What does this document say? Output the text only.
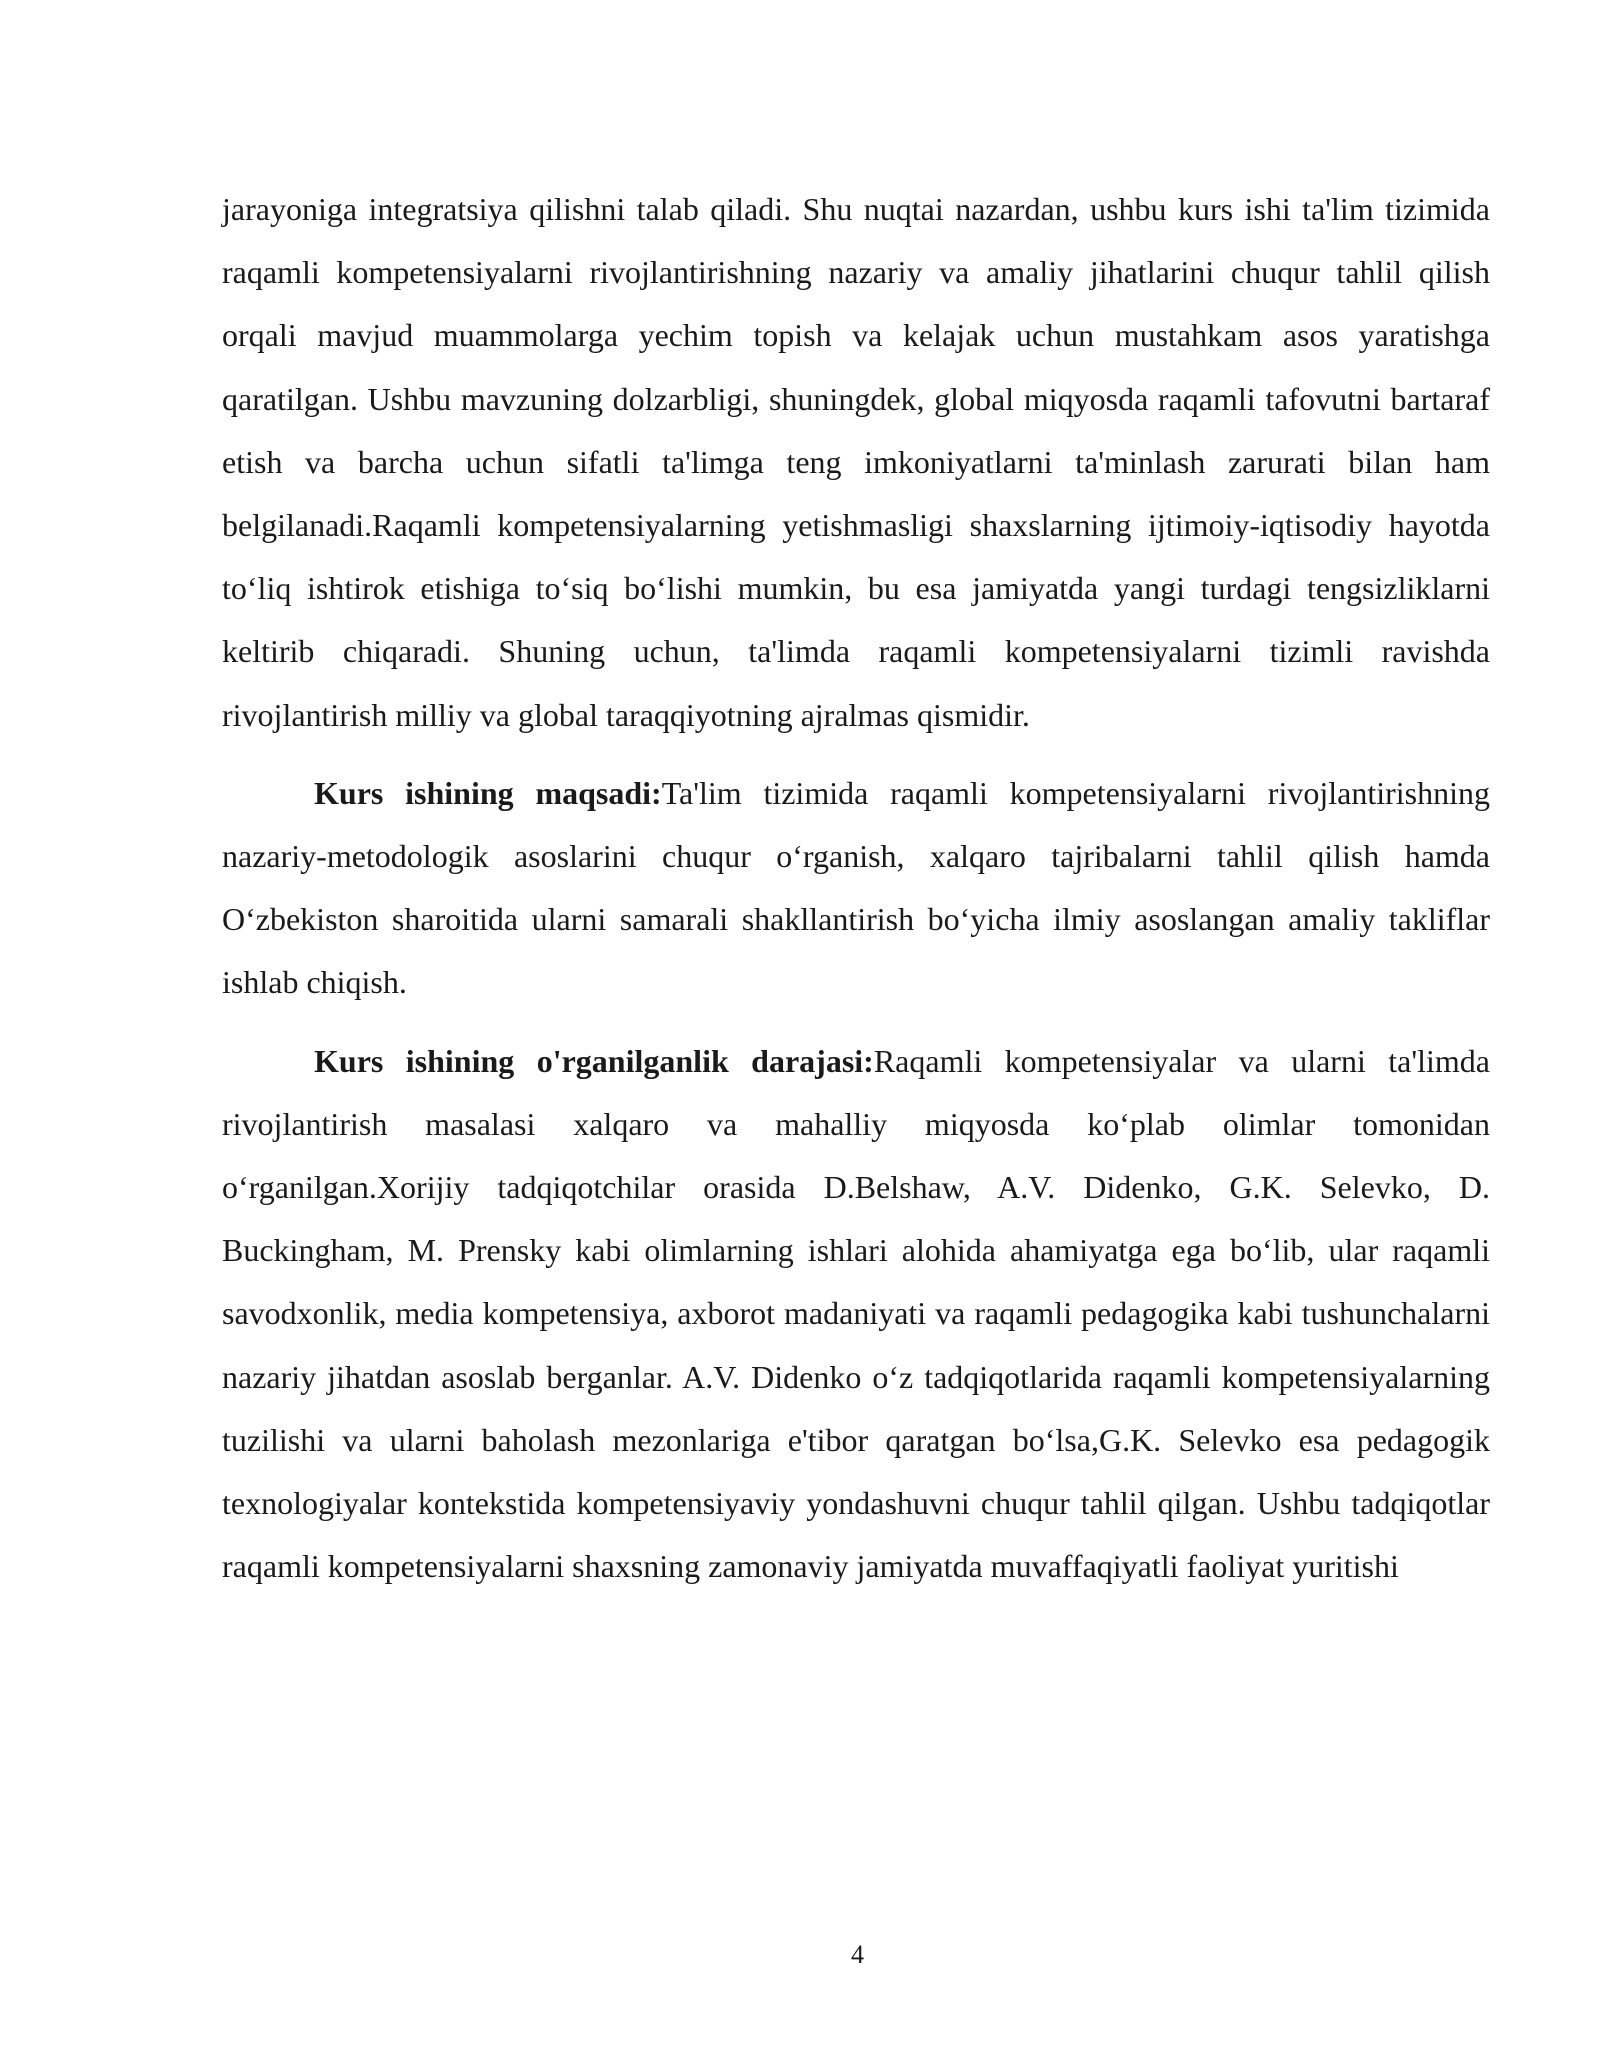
jarayoniga integratsiya qilishni talab qiladi. Shu nuqtai nazardan, ushbu kurs ishi ta'lim tizimida raqamli kompetensiyalarni rivojlantirishning nazariy va amaliy jihatlarini chuqur tahlil qilish orqali mavjud muammolarga yechim topish va kelajak uchun mustahkam asos yaratishga qaratilgan. Ushbu mavzuning dolzarbligi, shuningdek, global miqyosda raqamli tafovutni bartaraf etish va barcha uchun sifatli ta'limga teng imkoniyatlarni ta'minlash zarurati bilan ham belgilanadi.Raqamli kompetensiyalarning yetishmasligi shaxslarning ijtimoiy-iqtisodiy hayotda to‘liq ishtirok etishiga to‘siq bo‘lishi mumkin, bu esa jamiyatda yangi turdagi tengsizliklarni keltirib chiqaradi. Shuning uchun, ta'limda raqamli kompetensiyalarni tizimli ravishda rivojlantirish milliy va global taraqqiyotning ajralmas qismidir.

Kurs ishining maqsadi:Ta'lim tizimida raqamli kompetensiyalarni rivojlantirishning nazariy-metodologik asoslarini chuqur o‘rganish, xalqaro tajribalarni tahlil qilish hamda O‘zbekiston sharoitida ularni samarali shakllantirish bo‘yicha ilmiy asoslangan amaliy takliflar ishlab chiqish.

Kurs ishining o'rganilganlik darajasi:Raqamli kompetensiyalar va ularni ta'limda rivojlantirish masalasi xalqaro va mahalliy miqyosda ko‘plab olimlar tomonidan o‘rganilgan.Xorijiy tadqiqotchilar orasida D.Belshaw, A.V. Didenko, G.K. Selevko, D. Buckingham, M. Prensky kabi olimlarning ishlari alohida ahamiyatga ega bo‘lib, ular raqamli savodxonlik, media kompetensiya, axborot madaniyati va raqamli pedagogika kabi tushunchalarni nazariy jihatdan asoslab berganlar. A.V. Didenko o‘z tadqiqotlarida raqamli kompetensiyalarning tuzilishi va ularni baholash mezonlariga e'tibor qaratgan bo‘lsa,G.K. Selevko esa pedagogik texnologiyalar kontekstida kompetensiyaviy yondashuvni chuqur tahlil qilgan. Ushbu tadqiqotlar raqamli kompetensiyalarni shaxsning zamonaviy jamiyatda muvaffaqiyatli faoliyat yuritishi

4
